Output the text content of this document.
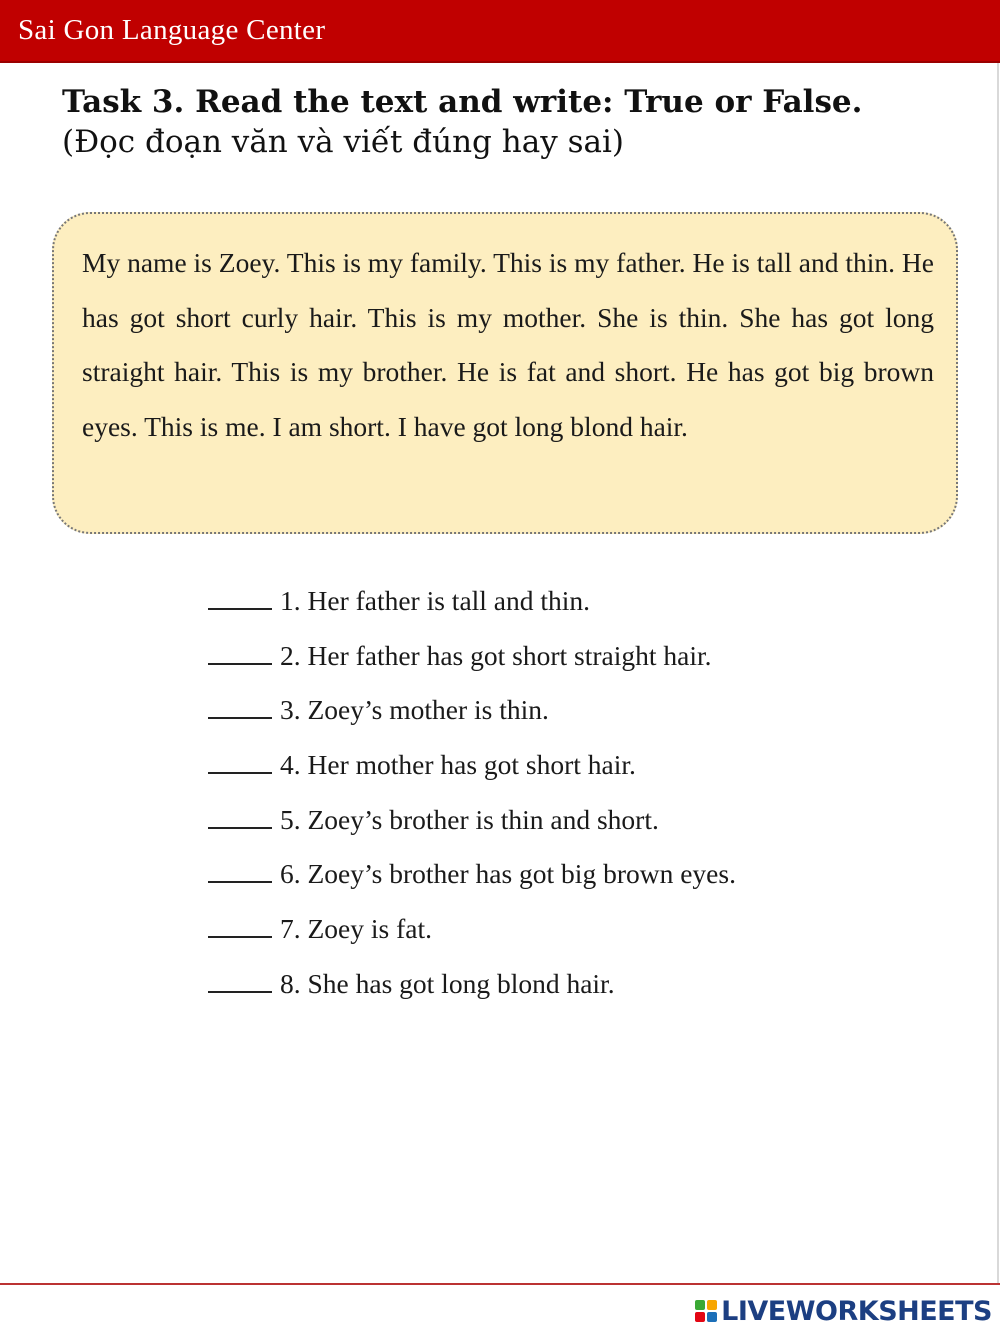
Sai Gon Language Center
Task 3. Read the text and write: True or False. (Đọc đoạn văn và viết đúng hay sai)
My name is Zoey. This is my family. This is my father. He is tall and thin. He has got short curly hair. This is my mother. She is thin. She has got long straight hair. This is my brother. He is fat and short. He has got big brown eyes. This is me. I am short. I have got long blond hair.
1. Her father is tall and thin.
2. Her father has got short straight hair.
3. Zoey’s mother is thin.
4. Her mother has got short hair.
5. Zoey’s brother is thin and short.
6. Zoey’s brother has got big brown eyes.
7. Zoey is fat.
8. She has got long blond hair.
LIVEWORKSHEETS
